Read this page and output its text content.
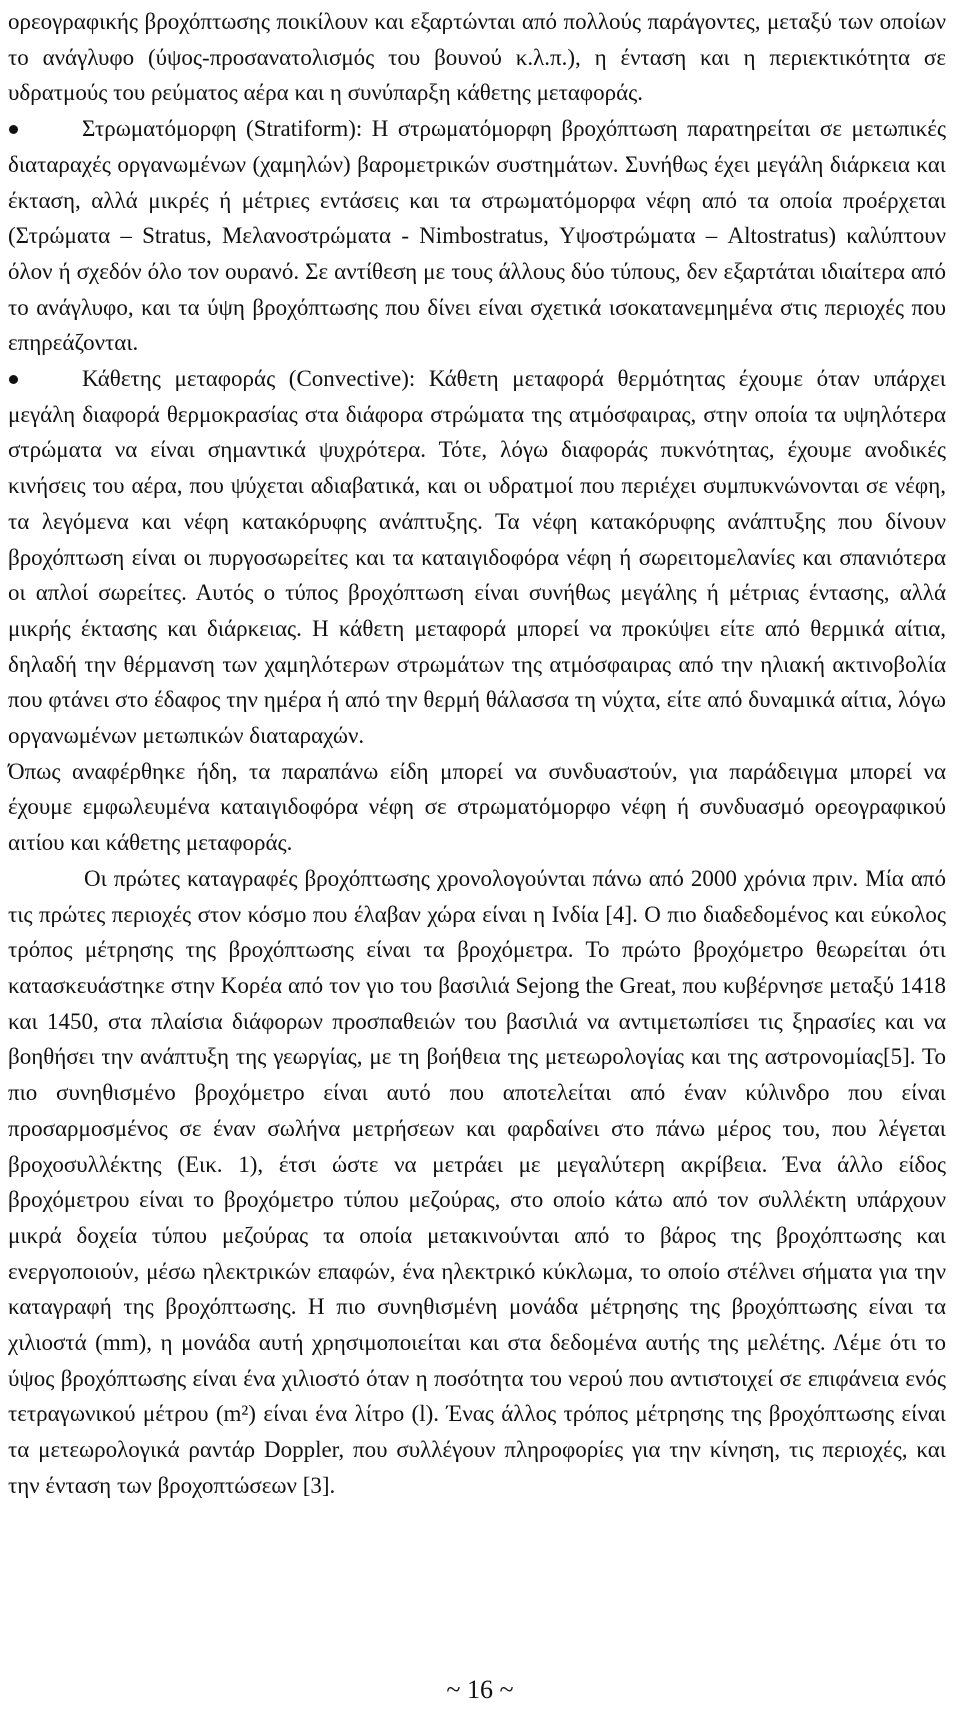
ορεογραφικής βροχόπτωσης ποικίλουν και εξαρτώνται από πολλούς παράγοντες, μεταξύ των οποίων το ανάγλυφο (ύψος-προσανατολισμός του βουνού κ.λ.π.), η ένταση και η περιεκτικότητα σε υδρατμούς του ρεύματος αέρα και η συνύπαρξη κάθετης μεταφοράς.

Στρωματόμορφη (Stratiform): Η στρωματόμορφη βροχόπτωση παρατηρείται σε μετωπικές διαταραχές οργανωμένων (χαμηλών) βαρομετρικών συστημάτων. Συνήθως έχει μεγάλη διάρκεια και έκταση, αλλά μικρές ή μέτριες εντάσεις και τα στρωματόμορφα νέφη από τα οποία προέρχεται (Στρώματα – Stratus, Μελανοστρώματα - Nimbostratus, Υψοστρώματα – Altostratus) καλύπτουν όλον ή σχεδόν όλο τον ουρανό. Σε αντίθεση με τους άλλους δύο τύπους, δεν εξαρτάται ιδιαίτερα από το ανάγλυφο, και τα ύψη βροχόπτωσης που δίνει είναι σχετικά ισοκατανεμημένα στις περιοχές που επηρεάζονται.

Κάθετης μεταφοράς (Convective): Κάθετη μεταφορά θερμότητας έχουμε όταν υπάρχει μεγάλη διαφορά θερμοκρασίας στα διάφορα στρώματα της ατμόσφαιρας, στην οποία τα υψηλότερα στρώματα να είναι σημαντικά ψυχρότερα. Τότε, λόγω διαφοράς πυκνότητας, έχουμε ανοδικές κινήσεις του αέρα, που ψύχεται αδιαβατικά, και οι υδρατμοί που περιέχει συμπυκνώνονται σε νέφη, τα λεγόμενα και νέφη κατακόρυφης ανάπτυξης. Τα νέφη κατακόρυφης ανάπτυξης που δίνουν βροχόπτωση είναι οι πυργοσωρείτες και τα καταιγιδοφόρα νέφη ή σωρειτομελανίες και σπανιότερα οι απλοί σωρείτες. Αυτός ο τύπος βροχόπτωση είναι συνήθως μεγάλης ή μέτριας έντασης, αλλά μικρής έκτασης και διάρκειας. Η κάθετη μεταφορά μπορεί να προκύψει είτε από θερμικά αίτια, δηλαδή την θέρμανση των χαμηλότερων στρωμάτων της ατμόσφαιρας από την ηλιακή ακτινοβολία που φτάνει στο έδαφος την ημέρα ή από την θερμή θάλασσα τη νύχτα, είτε από δυναμικά αίτια, λόγω οργανωμένων μετωπικών διαταραχών.

Όπως αναφέρθηκε ήδη, τα παραπάνω είδη μπορεί να συνδυαστούν, για παράδειγμα μπορεί να έχουμε εμφωλευμένα καταιγιδοφόρα νέφη σε στρωματόμορφο νέφη ή συνδυασμό ορεογραφικού αιτίου και κάθετης μεταφοράς.

Οι πρώτες καταγραφές βροχόπτωσης χρονολογούνται πάνω από 2000 χρόνια πριν. Μία από τις πρώτες περιοχές στον κόσμο που έλαβαν χώρα είναι η Ινδία [4]. Ο πιο διαδεδομένος και εύκολος τρόπος μέτρησης της βροχόπτωσης είναι τα βροχόμετρα. Το πρώτο βροχόμετρο θεωρείται ότι κατασκευάστηκε στην Κορέα από τον γιο του βασιλιά Sejong the Great, που κυβέρνησε μεταξύ 1418 και 1450, στα πλαίσια διάφορων προσπαθειών του βασιλιά να αντιμετωπίσει τις ξηρασίες και να βοηθήσει την ανάπτυξη της γεωργίας, με τη βοήθεια της μετεωρολογίας και της αστρονομίας[5]. Το πιο συνηθισμένο βροχόμετρο είναι αυτό που αποτελείται από έναν κύλινδρο που είναι προσαρμοσμένος σε έναν σωλήνα μετρήσεων και φαρδαίνει στο πάνω μέρος του, που λέγεται βροχοσυλλέκτης (Εικ. 1), έτσι ώστε να μετράει με μεγαλύτερη ακρίβεια. Ένα άλλο είδος βροχόμετρου είναι το βροχόμετρο τύπου μεζούρας, στο οποίο κάτω από τον συλλέκτη υπάρχουν μικρά δοχεία τύπου μεζούρας τα οποία μετακινούνται από το βάρος της βροχόπτωσης και ενεργοποιούν, μέσω ηλεκτρικών επαφών, ένα ηλεκτρικό κύκλωμα, το οποίο στέλνει σήματα για την καταγραφή της βροχόπτωσης. Η πιο συνηθισμένη μονάδα μέτρησης της βροχόπτωσης είναι τα χιλιοστά (mm), η μονάδα αυτή χρησιμοποιείται και στα δεδομένα αυτής της μελέτης. Λέμε ότι το ύψος βροχόπτωσης είναι ένα χιλιοστό όταν η ποσότητα του νερού που αντιστοιχεί σε επιφάνεια ενός τετραγωνικού μέτρου (m²) είναι ένα λίτρο (l). Ένας άλλος τρόπος μέτρησης της βροχόπτωσης είναι τα μετεωρολογικά ραντάρ Doppler, που συλλέγουν πληροφορίες για την κίνηση, τις περιοχές, και την ένταση των βροχοπτώσεων [3].

~ 16 ~
